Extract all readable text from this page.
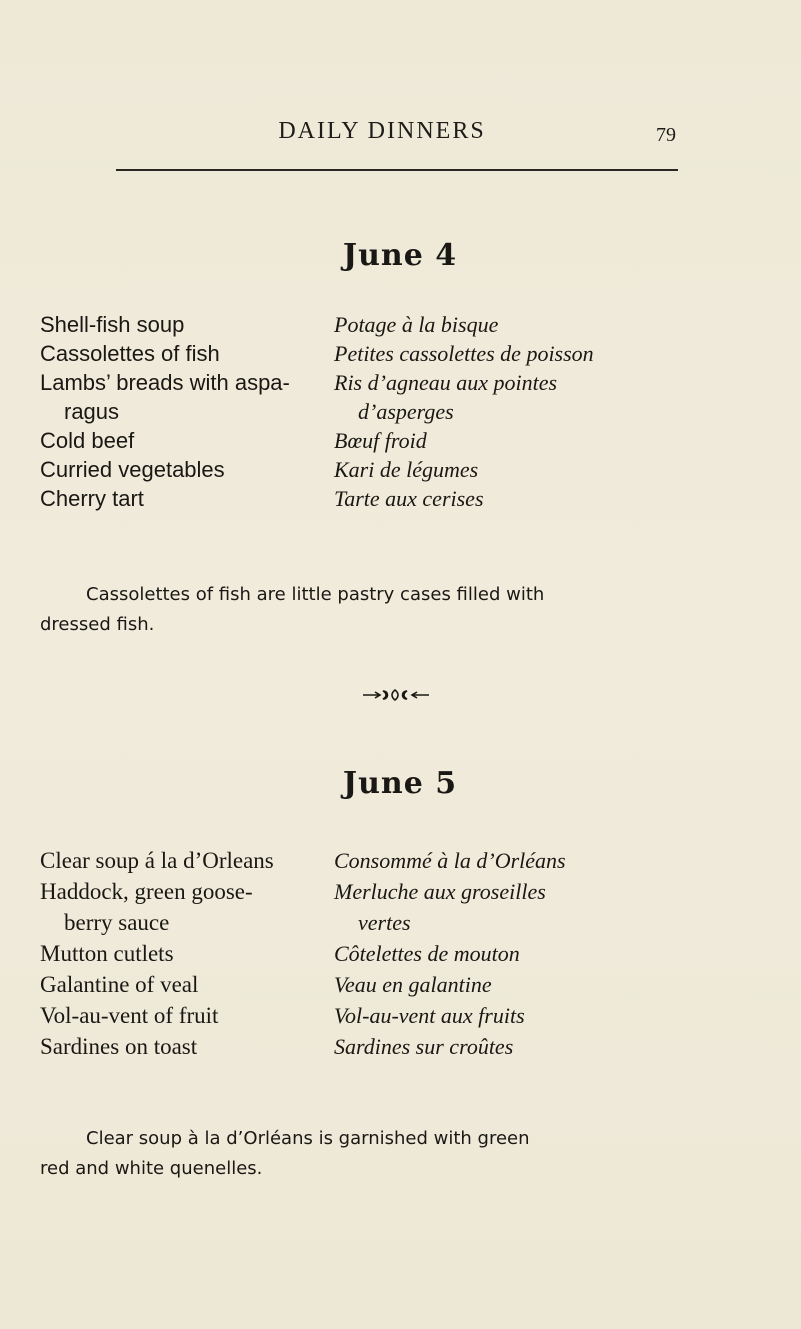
DAILY DINNERS	79
June 4
Shell-fish soup	Potage à la bisque
Cassolettes of fish	Petites cassolettes de poisson
Lambs’ breads with aspa-	Ris d’agneau aux pointes
ragus	d’asperges
Cold beef	Bœuf froid
Curried vegetables	Kari de légumes
Cherry tart	Tarte aux cerises
Cassolettes of fish are little pastry cases filled with
dressed fish.
June 5
Clear soup á la d’Orleans	Consommé à la d’Orléans
Haddock, green goose-	Merluche aux groseilles
berry sauce	vertes
Mutton cutlets	Côtelettes de mouton
Galantine of veal	Veau en galantine
Vol-au-vent of fruit	Vol-au-vent aux fruits
Sardines on toast	Sardines sur croûtes
Clear soup à la d’Orléans is garnished with green
red and white quenelles.
